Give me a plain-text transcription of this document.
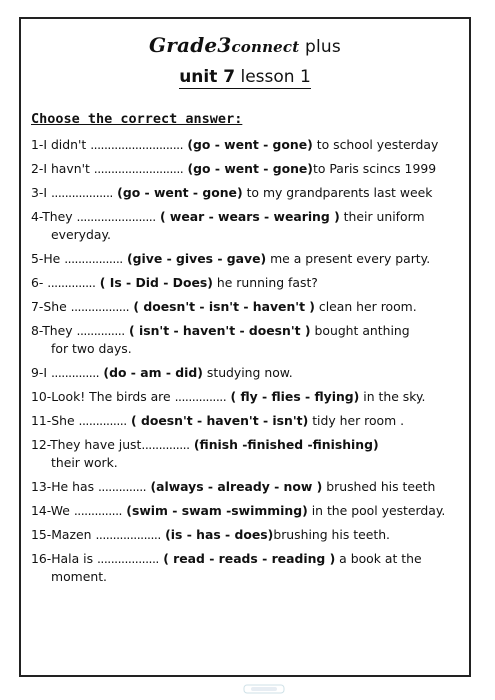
Grade3connect plus
unit 7 lesson 1
Choose the correct answer:
1-I didn't ........................... (go - went - gone) to school yesterday
2-I havn't .......................... (go - went - gone)to Paris scincs 1999
3-I .................. (go - went - gone) to my grandparents last week
4-They ....................... ( wear - wears - wearing ) their uniform
everyday.
5-He ................. (give - gives - gave) me a present every party.
6- .............. ( Is - Did - Does) he running fast?
7-She ................. ( doesn't - isn't - haven't ) clean her room.
8-They .............. ( isn't - haven't - doesn't ) bought anthing
for two days.
9-I .............. (do - am - did) studying now.
10-Look! The birds are ............... ( fly - flies - flying) in the sky.
11-She .............. ( doesn't - haven't - isn't) tidy her room .
12-They have just.............. (finish -finished -finishing)
their work.
13-He has .............. (always - already - now ) brushed his teeth
14-We .............. (swim - swam -swimming) in the pool yesterday.
15-Mazen ................... (is - has - does)brushing his teeth.
16-Hala is .................. ( read - reads - reading ) a book at the
moment.
